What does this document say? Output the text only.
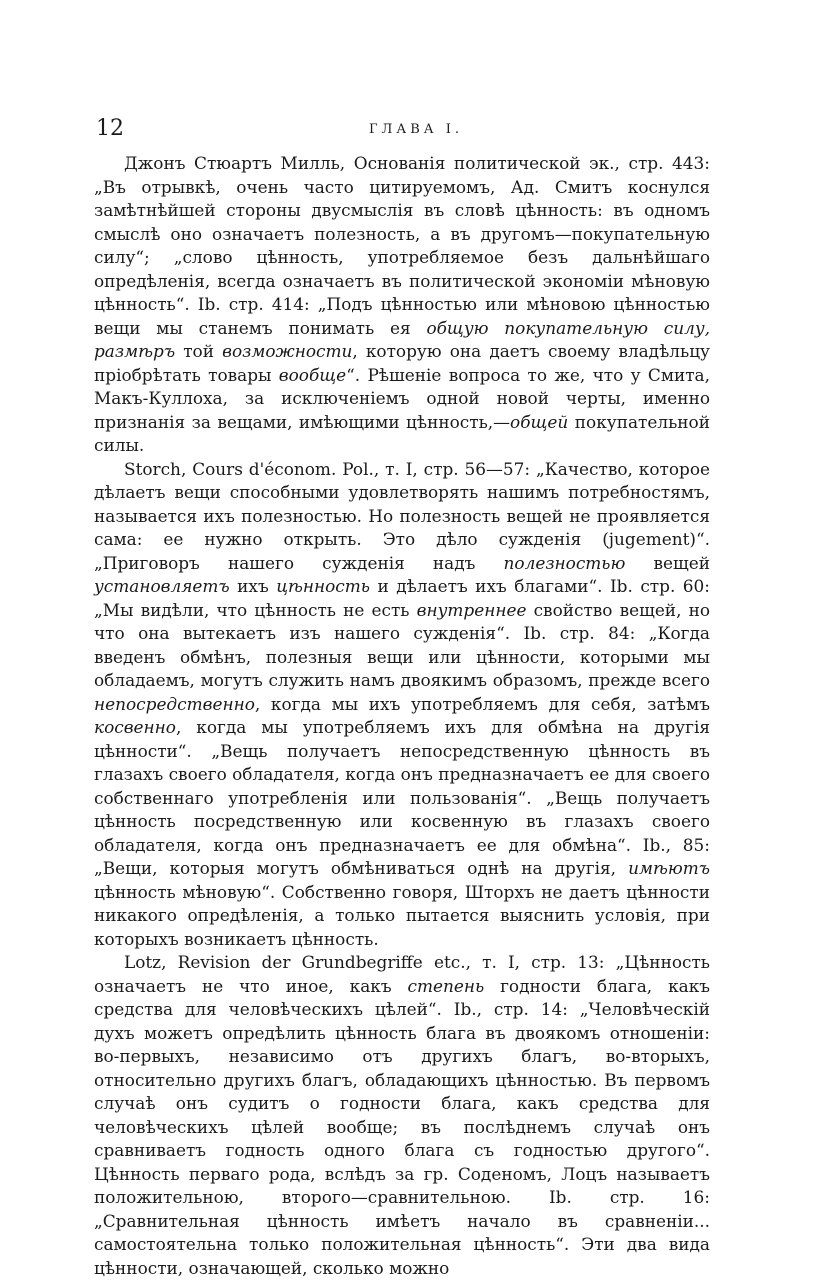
12	ГЛАВА I.

Джонъ Стюартъ Милль, Основанія политической эк., стр. 443: „Въ отрывкѣ, очень часто цитируемомъ, Ад. Смитъ коснулся замѣтнѣйшей стороны двусмыслія въ словѣ цѣнность: въ одномъ смыслѣ оно означаетъ полезность, а въ другомъ—покупательную силу“; „слово цѣнность, употребляемое безъ дальнѣйшаго опредѣленія, всегда означаетъ въ политической экономіи мѣновую цѣнность“. Ib. стр. 414: „Подъ цѣнностью или мѣновою цѣнностью вещи мы станемъ понимать ея общую покупательную силу, размѣръ той возможности, которую она даетъ своему владѣльцу пріобрѣтать товары вообще“. Рѣшеніе вопроса то же, что у Смита, Макъ-Куллоха, за исключеніемъ одной новой черты, именно признанія за вещами, имѣющими цѣнность,—общей покупательной силы.

Storch, Cours d'économ. Pol., т. I, стр. 56—57: „Качество, которое дѣлаетъ вещи способными удовлетворять нашимъ потребностямъ, называется ихъ полезностью. Но полезность вещей не проявляется сама: ее нужно открыть. Это дѣло сужденія (jugement)“. „Приговоръ нашего сужденія надъ полезностью вещей установляетъ ихъ цѣнность и дѣлаетъ ихъ благами“. Ib. стр. 60: „Мы видѣли, что цѣнность не есть внутреннее свойство вещей, но что она вытекаетъ изъ нашего сужденія“. Ib. стр. 84: „Когда введенъ обмѣнъ, полезныя вещи или цѣнности, которыми мы обладаемъ, могутъ служить намъ двоякимъ образомъ, прежде всего непосредственно, когда мы ихъ употребляемъ для себя, затѣмъ косвенно, когда мы употребляемъ ихъ для обмѣна на другія цѣнности“. „Вещь получаетъ непосредственную цѣнность въ глазахъ своего обладателя, когда онъ предназначаетъ ее для своего собственнаго употребленія или пользованія“. „Вещь получаетъ цѣнность посредственную или косвенную въ глазахъ своего обладателя, когда онъ предназначаетъ ее для обмѣна“. Ib., 85: „Вещи, которыя могутъ обмѣниваться однѣ на другія, имѣютъ цѣнность мѣновую“. Собственно говоря, Шторхъ не даетъ цѣнности никакого опредѣленія, а только пытается выяснить условія, при которыхъ возникаетъ цѣнность.

Lotz, Revision der Grundbegriffe etc., т. I, стр. 13: „Цѣнность означаетъ не что иное, какъ степень годности блага, какъ средства для человѣческихъ цѣлей“. Ib., стр. 14: „Человѣческій духъ можетъ опредѣлить цѣнность блага въ двоякомъ отношеніи: во-первыхъ, независимо отъ другихъ благъ, во-вторыхъ, относительно другихъ благъ, обладающихъ цѣнностью. Въ первомъ случаѣ онъ судитъ о годности блага, какъ средства для человѣческихъ цѣлей вообще; въ послѣднемъ случаѣ онъ сравниваетъ годность одного блага съ годностью другого“. Цѣнность перваго рода, вслѣдъ за гр. Соденомъ, Лоцъ называетъ положительною, второго—сравнительною. Ib. стр. 16: „Сравнительная цѣнность имѣетъ начало въ сравненіи... самостоятельна только положительная цѣнность“. Эти два вида цѣнности, означающей, сколько можно
